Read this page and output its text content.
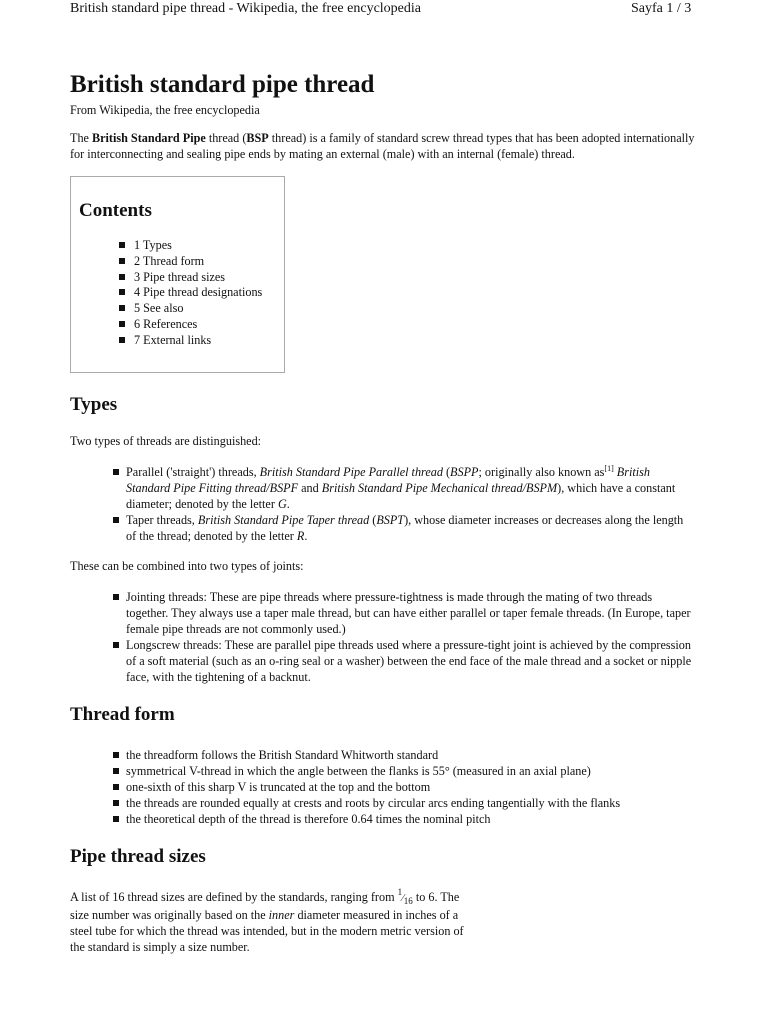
British standard pipe thread - Wikipedia, the free encyclopedia	Sayfa 1 / 3
British standard pipe thread

From Wikipedia, the free encyclopedia

The British Standard Pipe thread (BSP thread) is a family of standard screw thread types that has been adopted internationally for interconnecting and sealing pipe ends by mating an external (male) with an internal (female) thread.

Contents
1 Types
2 Thread form
3 Pipe thread sizes
4 Pipe thread designations
5 See also
6 References
7 External links
Types

Two types of threads are distinguished:

Parallel ('straight') threads, British Standard Pipe Parallel thread (BSPP; originally also known as[1] British Standard Pipe Fitting thread/BSPF and British Standard Pipe Mechanical thread/BSPM), which have a constant diameter; denoted by the letter G.
Taper threads, British Standard Pipe Taper thread (BSPT), whose diameter increases or decreases along the length of the thread; denoted by the letter R.

These can be combined into two types of joints:

Jointing threads: These are pipe threads where pressure-tightness is made through the mating of two threads together. They always use a taper male thread, but can have either parallel or taper female threads. (In Europe, taper female pipe threads are not commonly used.)
Longscrew threads: These are parallel pipe threads used where a pressure-tight joint is achieved by the compression of a soft material (such as an o-ring seal or a washer) between the end face of the male thread and a socket or nipple face, with the tightening of a backnut.
Thread form
the threadform follows the British Standard Whitworth standard
symmetrical V-thread in which the angle between the flanks is 55° (measured in an axial plane)
one-sixth of this sharp V is truncated at the top and the bottom
the threads are rounded equally at crests and roots by circular arcs ending tangentially with the flanks
the theoretical depth of the thread is therefore 0.64 times the nominal pitch
Pipe thread sizes

A list of 16 thread sizes are defined by the standards, ranging from $^1⁄_{16}$ to 6. The size number was originally based on the inner diameter measured in inches of a steel tube for which the thread was intended, but in the modern metric version of the standard is simply a size number.
